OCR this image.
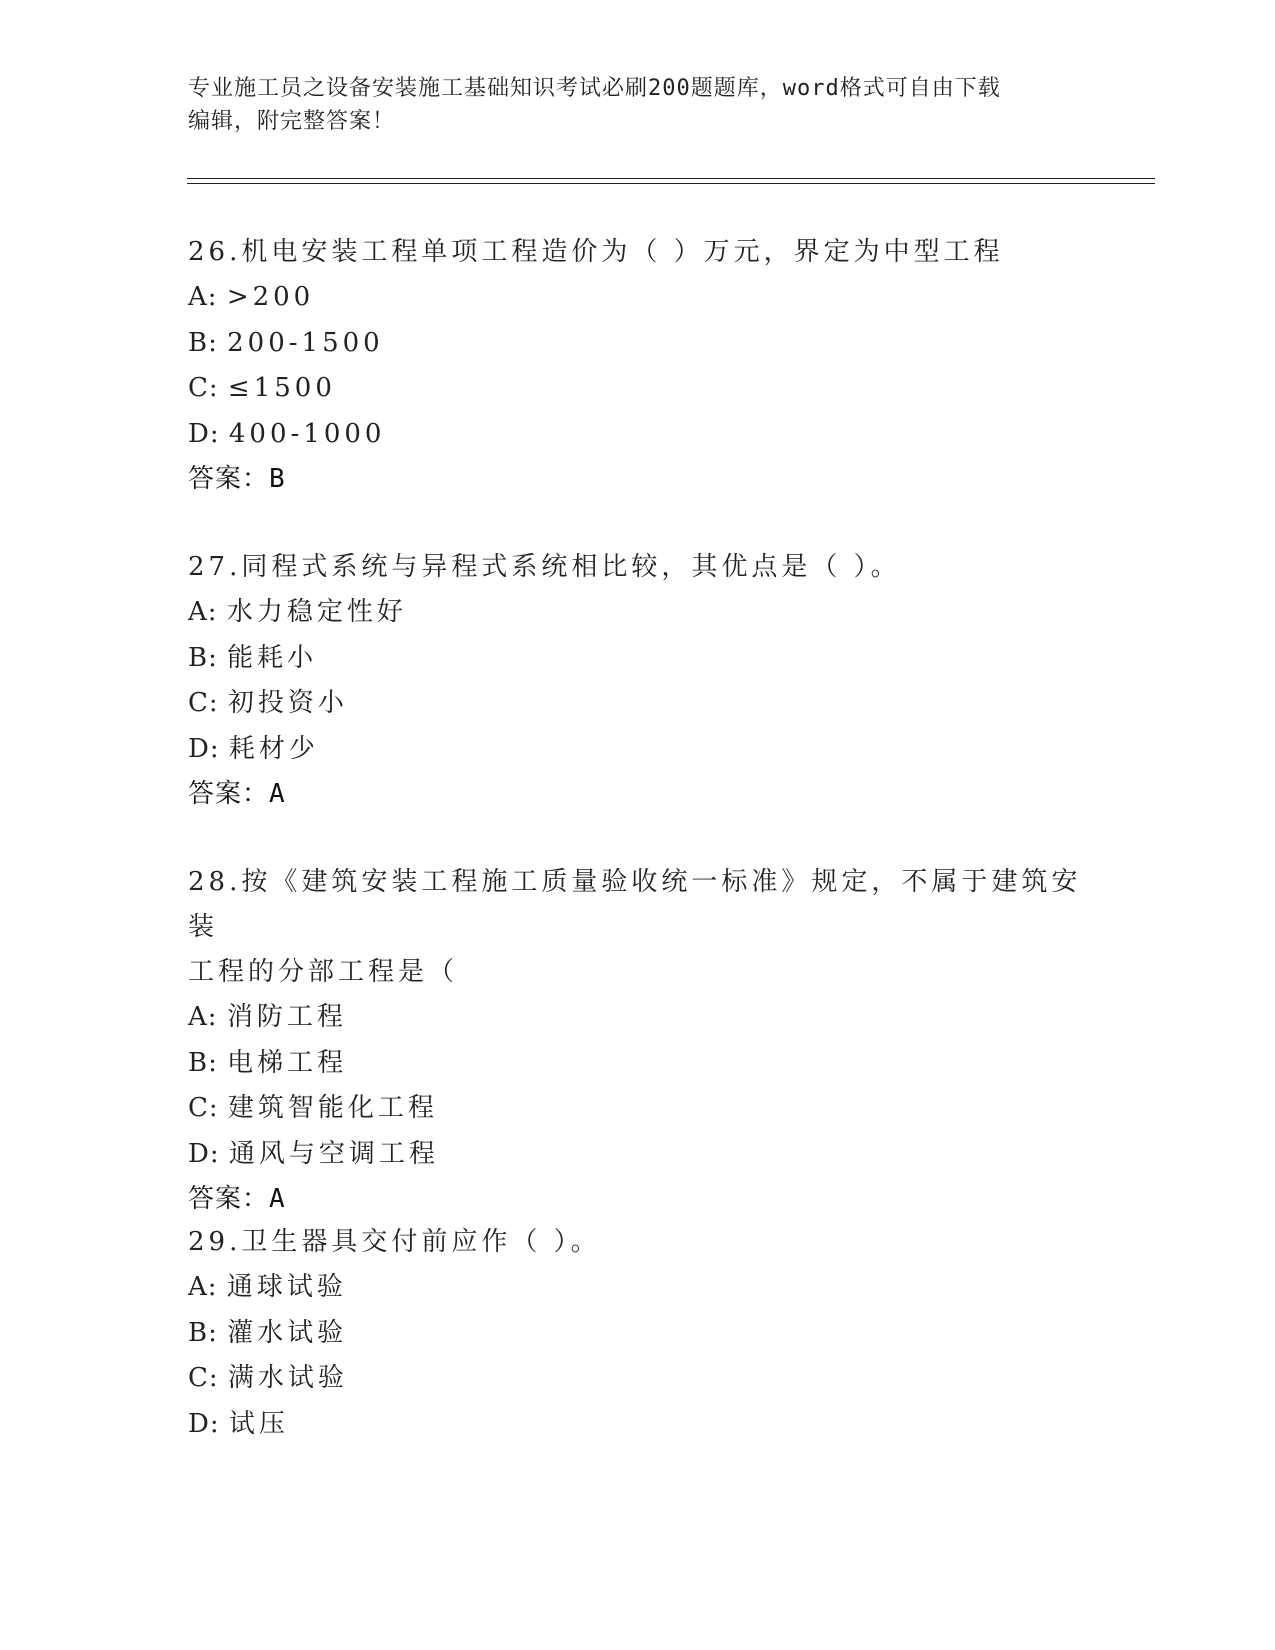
专业施工员之设备安装施工基础知识考试必刷200题题库，word格式可自由下载
编辑，附完整答案！
26.机电安装工程单项工程造价为（ ）万元，界定为中型工程
A: >200
B: 200-1500
C: ≤1500
D: 400-1000
答案：B
27.同程式系统与异程式系统相比较，其优点是（ ）。
A: 水力稳定性好
B: 能耗小
C: 初投资小
D: 耗材少
答案：A
28.按《建筑安装工程施工质量验收统一标准》规定，不属于建筑安装
工程的分部工程是（
A: 消防工程
B: 电梯工程
C: 建筑智能化工程
D: 通风与空调工程
答案：A
29.卫生器具交付前应作（ ）。
A: 通球试验
B: 灌水试验
C: 满水试验
D: 试压
